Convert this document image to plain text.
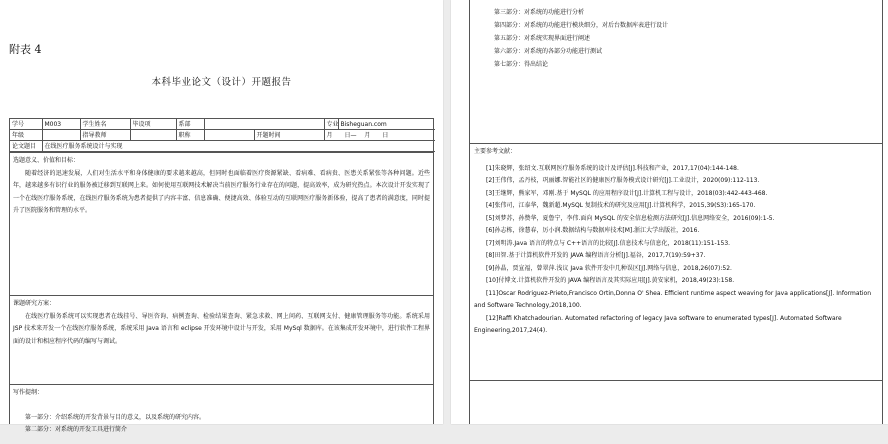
附表 4
本科毕业论文（设计）开题报告
学号	M003	学生姓名	毕设项	系部			专业	Bisheguan.com
年级		指导教师		职称		开题时间	月　　日— 　月　　日	
论文题目	在线医疗服务系统设计与实现							
选题意义、价值和目标：

随着经济的迅速发展，人们对生活水平和身体健康的要求越来越高，但同时也面临着医疗资源紧缺、看病难、看病贵、医患关系紧张等各种问题。近些年，越来越多有识行业的服务被迁移到互联网上来。如何使用互联网技术解决当前医疗服务行业存在的问题，提高效率，成为研究热点。本次设计开发实现了一个在线医疗服务系统，在线医疗服务系统为患者提供了内容丰富、信息准确、便捷高效、体验互动的互联网医疗服务新体验，提高了患者的满意度，同时提升了医院服务和管理的水平。

课题研究方案：

在线医疗服务系统可以实现患者在线挂号、导医咨询、病例查询、检验结果查询、紧急求救、网上问药、互联网支付、健康管理服务等功能。系统采用 JSP 技术来开发一个在线医疗服务系统，系统采用 Java 语言和 eclipse 开发环境中设计与开发，采用 MySql 数据库。在该集成开发环境中，进行软件工程界面的设计和相应程序代码的编写与调试。

写作提纲：
第一部分：介绍系统的开发背景与目的意义，以及系统的研究内容。
第二部分：对系统的开发工具进行简介
第三部分：对系统的功能进行分析
第四部分：对系统的功能进行模块细分，对后台数据库表进行设计
第五部分：对系统实现界面进行阐述
第六部分：对系统的各部分功能进行测试
第七部分：得出结论
主要参考文献：
[1]朱晓辉，张绍文.互联网医疗服务系统的设计及评估[J].科技和产业，2017,17(04):144-148.
[2]王伟伟，孟丹枝，巩丽娜.智能社区的健康医疗服务模式设计研究[J].工业设计，2020(09):112-113.
[3]王继辉，熊家军，邓刚.基于 MySQL 的应用程序设计[J].计算机工程与设计，2018(03):442-443-468.
[4]张伟司，江泰华，魏新超.MySQL 复制技术的研究及应用[J].计算机科学，2015,39(S3):165-170.
[5]刘梦苏，孙赞华，夏鲁宁，李伟.面向 MySQL 的安全信息检测方法研究[J].信息网络安全，2016(09):1-5.
[6]孙志栋，徐慧春，厉小润.数据结构与数据库技术[M].浙江大学出版社，2016.
[7]刘明涛.Java 语言的特点与 C++语言的比较[J].信息技术与信息化，2018(11):151-153.
[8]田智.基于计算机软件开发的 JAVA 编程语言分析[J].福谷，2017,7(19):59+37.
[9]孙晶，贾宣福，曾翠萍.浅议 Java 软件开发中几种误区[J].网络与信息，2018,26(07):52.
[10]付博文.计算机软件开发的 JAVA 编程语言及其实际应用[J].黄安家机，2018,49(23):158.
[11]Oscar Rodriguez-Prieto,Francisco Ortin,Donna O' Shea. Efficient runtime aspect weaving for Java applications[J]. Information and Software Technology,2018,100.
[12]Raffi Khatchadourian. Automated refactoring of legacy Java software to enumerated types[J]. Automated Software Engineering,2017,24(4).
